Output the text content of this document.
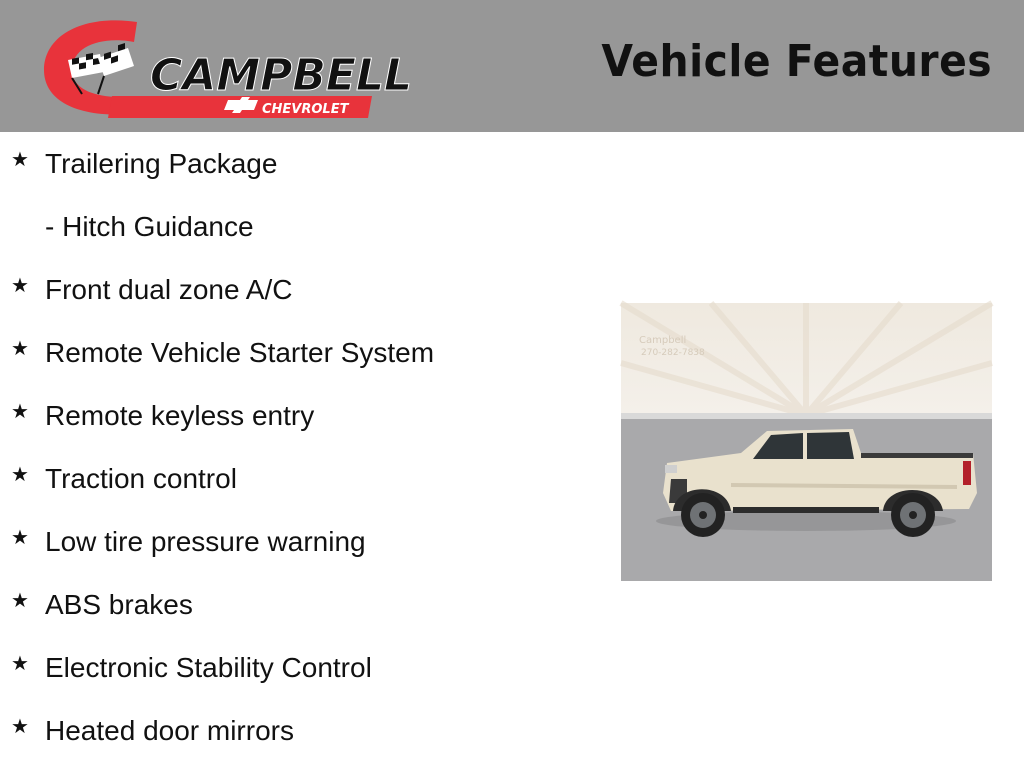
CAMPBELL
CHEVROLET
Vehicle Features
★ Trailering Package
- Hitch Guidance
★ Front dual zone A/C
★ Remote Vehicle Starter System
★ Remote keyless entry
★ Traction control
★ Low tire pressure warning
★ ABS brakes
★ Electronic Stability Control
★ Heated door mirrors
Campbell
270-282-7838
